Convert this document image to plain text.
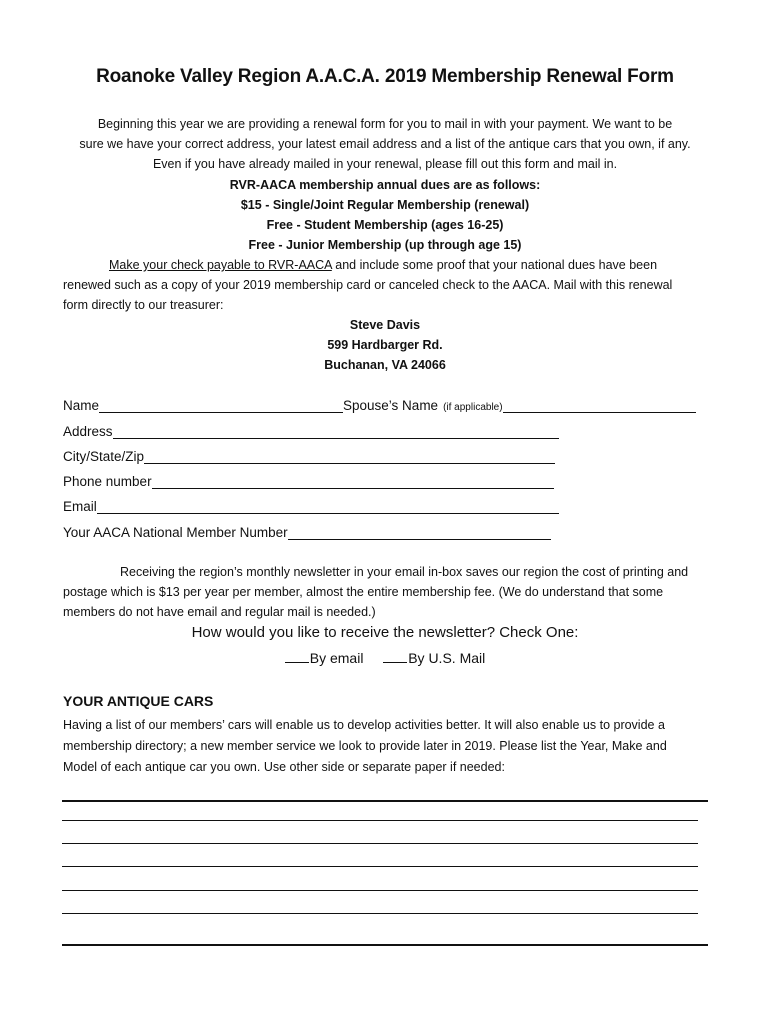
Roanoke Valley Region A.A.C.A. 2019 Membership Renewal Form
Beginning this year we are providing a renewal form for you to mail in with your payment. We want to be
sure we have your correct address, your latest email address and a list of the antique cars that you own, if any.
Even if you have already mailed in your renewal, please fill out this form and mail in.
RVR-AACA membership annual dues are as follows:
$15 - Single/Joint Regular Membership (renewal)
Free - Student Membership (ages 16-25)
Free - Junior Membership (up through age 15)
Make your check payable to RVR-AACA and include some proof that your national dues have been
renewed such as a copy of your 2019 membership card or canceled check to the AACA. Mail with this renewal
form directly to our treasurer:
Steve Davis
599 Hardbarger Rd.
Buchanan, VA 24066
Name	Spouse’s Name (if applicable)
Address
City/State/Zip
Phone number
Email
Your AACA National Member Number
Receiving the region’s monthly newsletter in your email in-box saves our region the cost of printing and
postage which is $13 per year per member, almost the entire membership fee. (We do understand that some
members do not have email and regular mail is needed.)
How would you like to receive the newsletter? Check One:
By email	By U.S. Mail
YOUR ANTIQUE CARS
Having a list of our members’ cars will enable us to develop activities better. It will also enable us to provide a
membership directory; a new member service we look to provide later in 2019. Please list the Year, Make and
Model of each antique car you own. Use other side or separate paper if needed:
